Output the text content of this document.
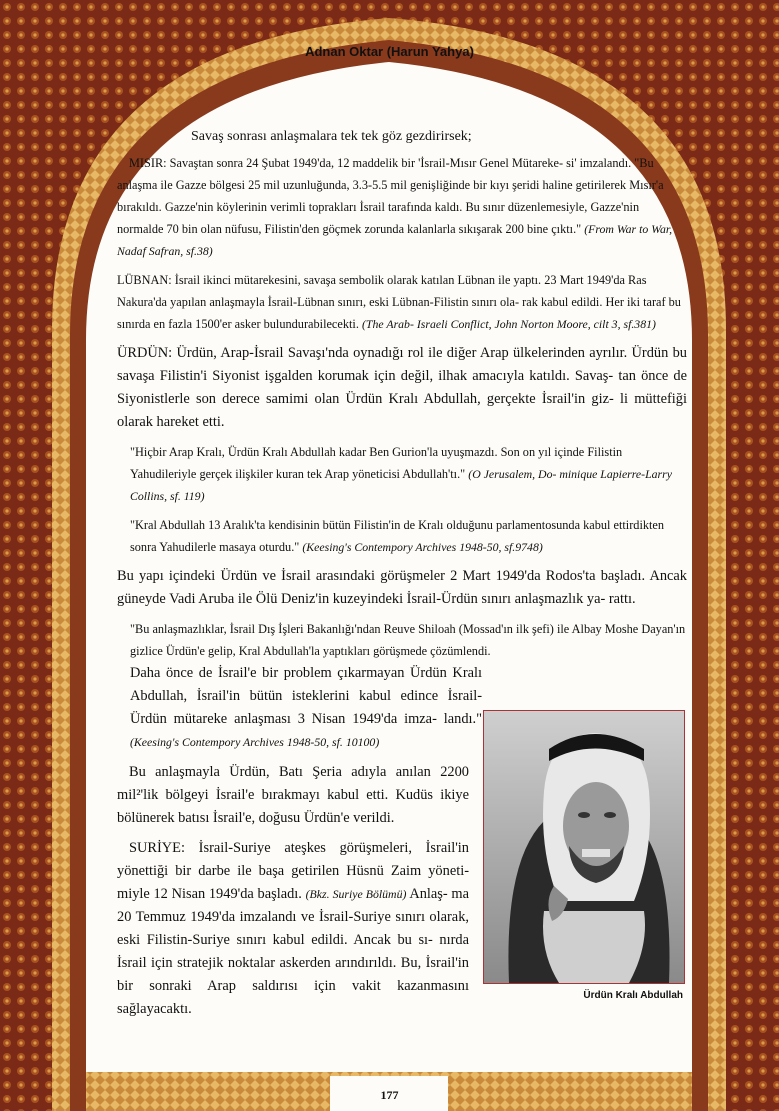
Adnan Oktar (Harun Yahya)

Savaş sonrası anlaşmalara tek tek göz gezdirirsek;

MISIR: Savaştan sonra 24 Şubat 1949'da, 12 maddelik bir 'İsrail-Mısır Genel Mütareke- si' imzalandı. "Bu anlaşma ile Gazze bölgesi 25 mil uzunluğunda, 3.3-5.5 mil genişliğinde bir kıyı şeridi haline getirilerek Mısır'a bırakıldı. Gazze'nin köylerinin verimli toprakları İsrail tarafında kaldı. Bu sınır düzenlemesiyle, Gazze'nin normalde 70 bin olan nüfusu, Filistin'den göçmek zorunda kalanlarla sıkışarak 200 bine çıktı." (From War to War, Nadaf Safran, sf.38)

LÜBNAN: İsrail ikinci mütarekesini, savaşa sembolik olarak katılan Lübnan ile yaptı. 23 Mart 1949'da Ras Nakura'da yapılan anlaşmayla İsrail-Lübnan sınırı, eski Lübnan-Filistin sınırı ola- rak kabul edildi. Her iki taraf bu sınırda en fazla 1500'er asker bulundurabilecekti. (The Arab- Israeli Conflict, John Norton Moore, cilt 3, sf.381)

ÜRDÜN: Ürdün, Arap-İsrail Savaşı'nda oynadığı rol ile diğer Arap ülkelerinden ayrılır. Ürdün bu savaşa Filistin'i Siyonist işgalden korumak için değil, ilhak amacıyla katıldı. Savaş- tan önce de Siyonistlerle son derece samimi olan Ürdün Kralı Abdullah, gerçekte İsrail'in giz- li müttefiği olarak hareket etti.

"Hiçbir Arap Kralı, Ürdün Kralı Abdullah kadar Ben Gurion'la uyuşmazdı. Son on yıl içinde Filistin Yahudileriyle gerçek ilişkiler kuran tek Arap yöneticisi Abdullah'tı." (O Jerusalem, Do- minique Lapierre-Larry Collins, sf. 119)

"Kral Abdullah 13 Aralık'ta kendisinin bütün Filistin'in de Kralı olduğunu parlamentosunda kabul ettirdikten sonra Yahudilerle masaya oturdu." (Keesing's Contempory Archives 1948-50, sf.9748)

Bu yapı içindeki Ürdün ve İsrail arasındaki görüşmeler 2 Mart 1949'da Rodos'ta başladı. Ancak güneyde Vadi Aruba ile Ölü Deniz'in kuzeyindeki İsrail-Ürdün sınırı anlaşmazlık ya- rattı.

"Bu anlaşmazlıklar, İsrail Dış İşleri Bakanlığı'ndan Reuve Shiloah (Mossad'ın ilk şefi) ile Albay Moshe Dayan'ın gizlice Ürdün'e gelip, Kral Abdullah'la yaptıkları görüşmede çözümlendi.

Daha önce de İsrail'e bir problem çıkarmayan Ürdün Kralı Abdullah, İsrail'in bütün isteklerini kabul edince İsrail-Ürdün mütareke anlaşması 3 Nisan 1949'da imza- landı." (Keesing's Contempory Archives 1948-50, sf. 10100)

Bu anlaşmayla Ürdün, Batı Şeria adıyla anılan 2200 mil²'lik bölgeyi İsrail'e bırakmayı kabul etti. Kudüs ikiye bölünerek batısı İsrail'e, doğusu Ürdün'e verildi.

SURİYE: İsrail-Suriye ateşkes görüşmeleri, İsrail'in yönettiği bir darbe ile başa getirilen Hüsnü Zaim yöneti- miyle 12 Nisan 1949'da başladı. (Bkz. Suriye Bölümü) Anlaş- ma 20 Temmuz 1949'da imzalandı ve İsrail-Suriye sınırı olarak, eski Filistin-Suriye sınırı kabul edildi. Ancak bu sı- nırda İsrail için stratejik noktalar askerden arındırıldı. Bu, İsrail'in bir sonraki Arap saldırısı için vakit kazanmasını sağlayacaktı.

Ürdün Kralı Abdullah
177
